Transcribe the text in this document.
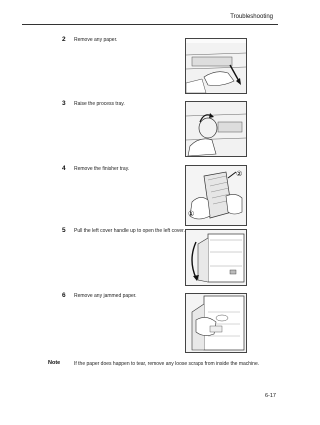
Troubleshooting
2 Remove any paper.
3 Raise the process tray.
4 Remove the finisher tray.
②
①
5 Pull the left cover handle up to open the left cover.
6 Remove any jammed paper.
Note	If the paper does happen to tear, remove any loose scraps from inside the machine.
6-17
